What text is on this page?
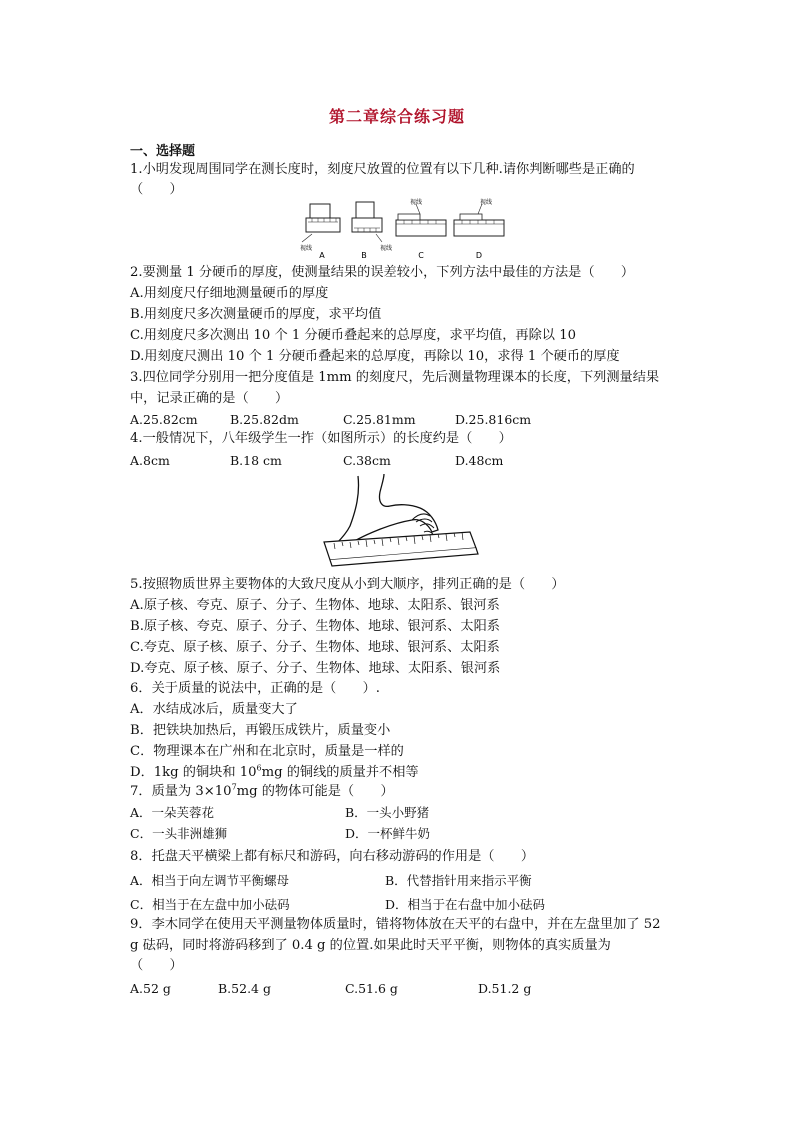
第二章综合练习题
一、选择题
1.小明发现周围同学在测长度时，刻度尺放置的位置有以下几种.请你判断哪些是正确的
（　　）
视线	视线
视线	视线
A	B	C	D
2.要测量 1 分硬币的厚度，使测量结果的误差较小，下列方法中最佳的方法是（　　）
A.用刻度尺仔细地测量硬币的厚度
B.用刻度尺多次测量硬币的厚度，求平均值
C.用刻度尺多次测出 10 个 1 分硬币叠起来的总厚度，求平均值，再除以 10
D.用刻度尺测出 10 个 1 分硬币叠起来的总厚度，再除以 10，求得 1 个硬币的厚度
3.四位同学分别用一把分度值是 1mm 的刻度尺，先后测量物理课本的长度，下列测量结果
中，记录正确的是（　　）
A.25.82cm	B.25.82dm	C.25.81mm	D.25.816cm
4.一般情况下，八年级学生一拃（如图所示）的长度约是（　　）
A.8cm	B.18 cm	C.38cm	D.48cm
5.按照物质世界主要物体的大致尺度从小到大顺序，排列正确的是（　　）
A.原子核、夸克、原子、分子、生物体、地球、太阳系、银河系
B.原子核、夸克、原子、分子、生物体、地球、银河系、太阳系
C.夸克、原子核、原子、分子、生物体、地球、银河系、太阳系
D.夸克、原子核、原子、分子、生物体、地球、太阳系、银河系
6．关于质量的说法中，正确的是（　　）.
A．水结成冰后，质量变大了
B．把铁块加热后，再锻压成铁片，质量变小
C．物理课本在广州和在北京时，质量是一样的
D．1kg 的铜块和 $10^6mg$ 的铜线的质量并不相等
7．质量为 $3\times 10^7mg$ 的物体可能是（　　）
A．一朵芙蓉花	B．一头小野猪
C．一头非洲雄狮	D．一杯鲜牛奶
8．托盘天平横梁上都有标尺和游码，向右移动游码的作用是（　　）
A．相当于向左调节平衡螺母	B．代替指针用来指示平衡
C．相当于在左盘中加小砝码	D．相当于在右盘中加小砝码
9．李木同学在使用天平测量物体质量时，错将物体放在天平的右盘中，并在左盘里加了 52
g 砝码，同时将游码移到了 0.4 g 的位置.如果此时天平平衡，则物体的真实质量为
（　　）
A.52 g	B.52.4 g	C.51.6 g	D.51.2 g
